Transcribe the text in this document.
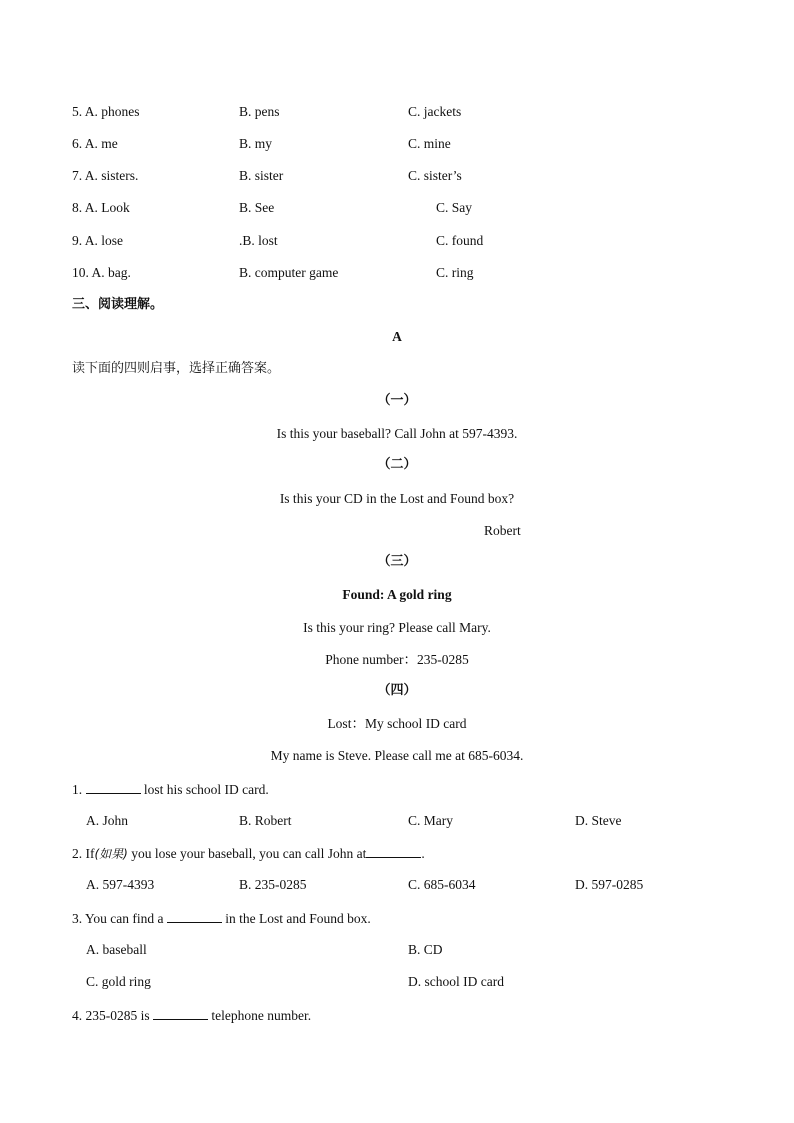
5. A. phones	B. pens	C. jackets
6. A. me	B. my	C. mine
7. A. sisters.	B. sister	C. sister’s
8. A. Look	B. See	C. Say
9. A. lose	.B. lost	C. found
10. A. bag.	B. computer game	C. ring
三、阅读理解。
A
读下面的四则启事，选择正确答案。
（一）
Is this your baseball? Call John at 597-4393.
（二）
Is this your CD in the Lost and Found box?
Robert
（三）
Found: A gold ring
Is this your ring? Please call Mary.
Phone number：235-0285
（四）
Lost：My school ID card
My name is Steve. Please call me at 685-6034.
1.	lost his school ID card.
A. John	B. Robert	C. Mary	D. Steve
2. If(如果) you lose your baseball, you can call John at	.
A. 597-4393	B. 235-0285	C. 685-6034	D. 597-0285
3. You can find a	in the Lost and Found box.
A. baseball	B. CD
C. gold ring	D. school ID card
4. 235-0285 is	telephone number.
